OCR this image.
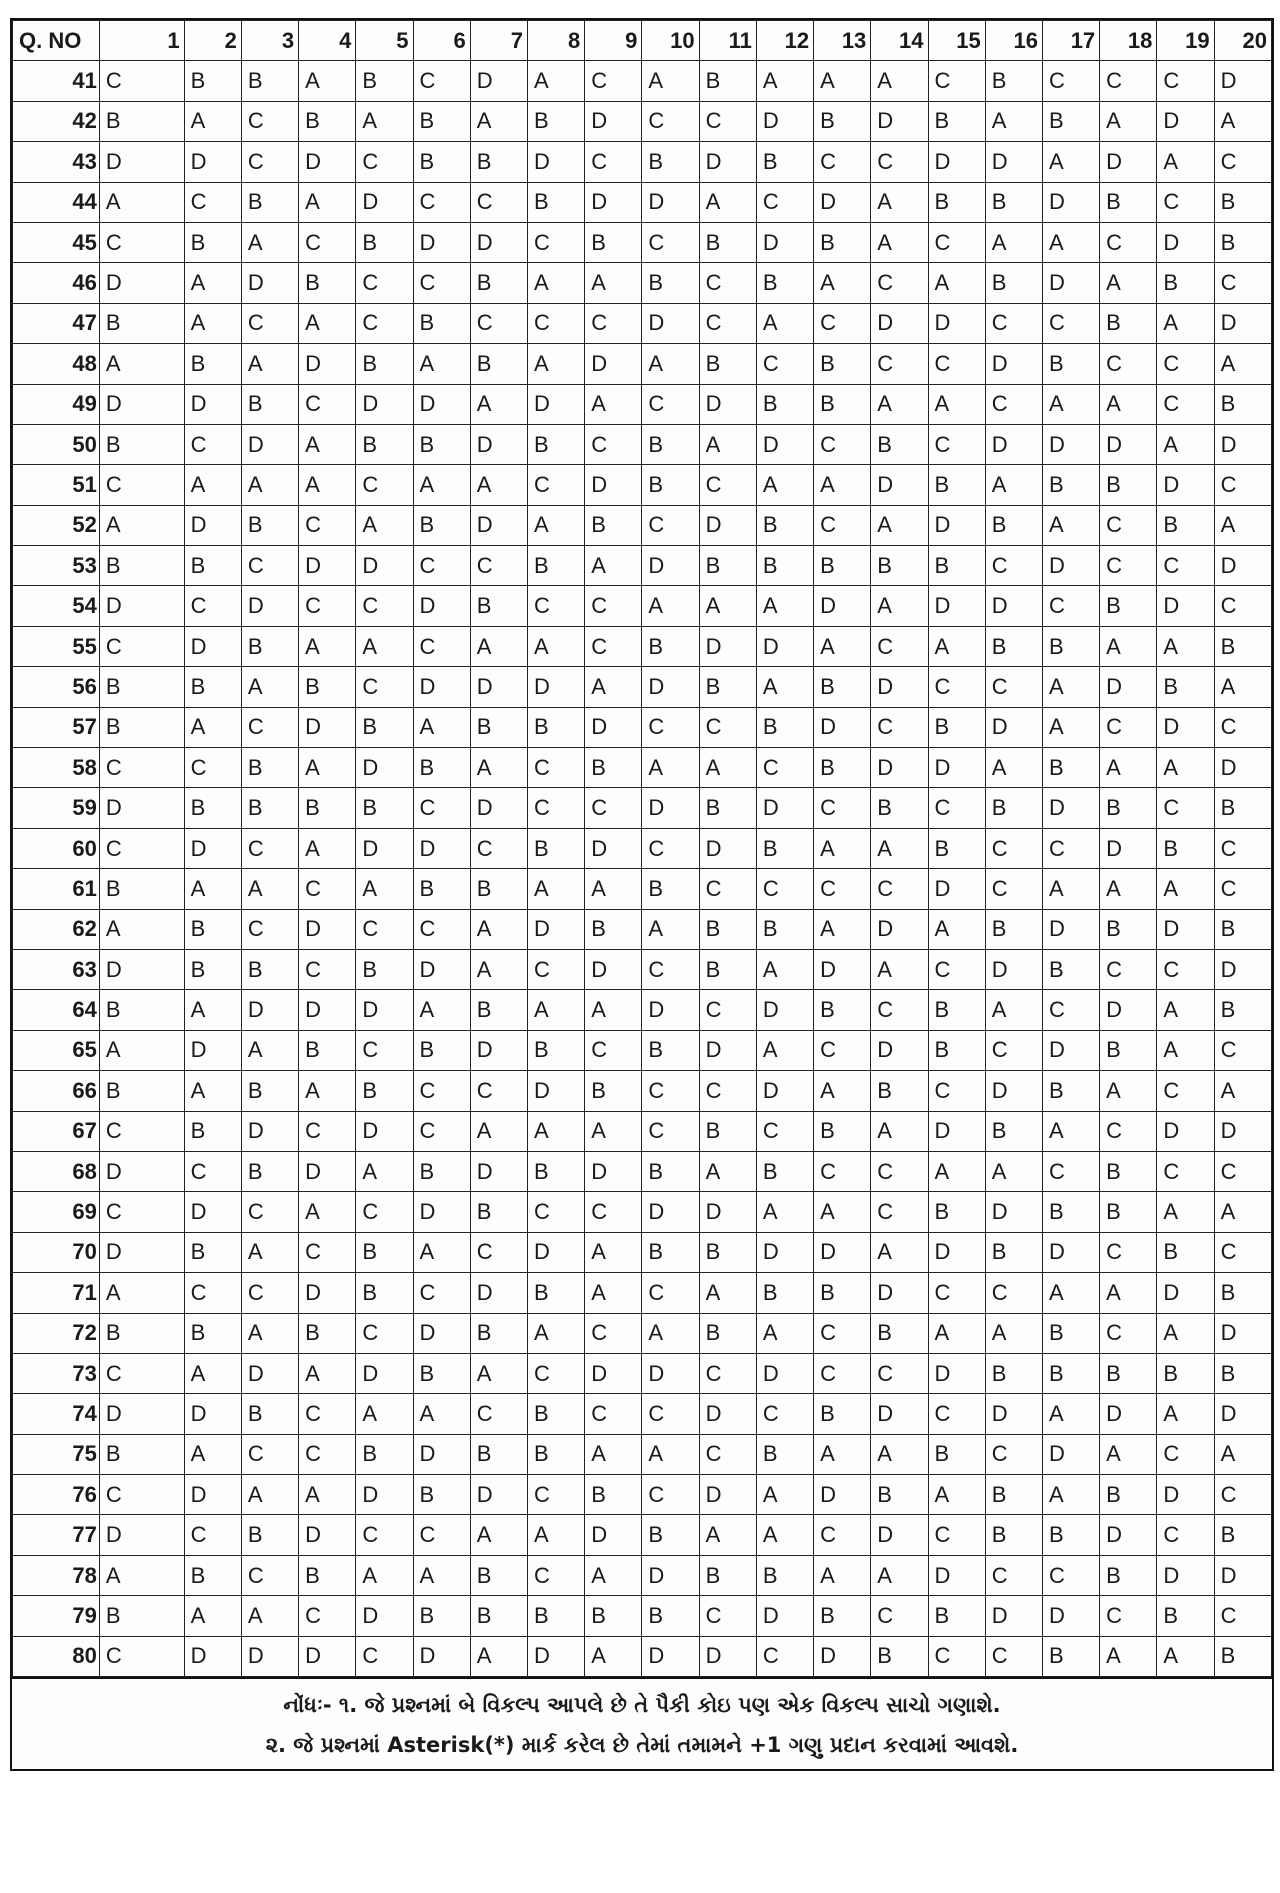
Q. NO	1	2	3	4	5	6	7	8	9	10	11	12	13	14	15	16	17	18	19	20
41	C	B	B	A	B	C	D	A	C	A	B	A	A	A	C	B	C	C	C	D
42	B	A	C	B	A	B	A	B	D	C	C	D	B	D	B	A	B	A	D	A
43	D	D	C	D	C	B	B	D	C	B	D	B	C	C	D	D	A	D	A	C
44	A	C	B	A	D	C	C	B	D	D	A	C	D	A	B	B	D	B	C	B
45	C	B	A	C	B	D	D	C	B	C	B	D	B	A	C	A	A	C	D	B
46	D	A	D	B	C	C	B	A	A	B	C	B	A	C	A	B	D	A	B	C
47	B	A	C	A	C	B	C	C	C	D	C	A	C	D	D	C	C	B	A	D
48	A	B	A	D	B	A	B	A	D	A	B	C	B	C	C	D	B	C	C	A
49	D	D	B	C	D	D	A	D	A	C	D	B	B	A	A	C	A	A	C	B
50	B	C	D	A	B	B	D	B	C	B	A	D	C	B	C	D	D	D	A	D
51	C	A	A	A	C	A	A	C	D	B	C	A	A	D	B	A	B	B	D	C
52	A	D	B	C	A	B	D	A	B	C	D	B	C	A	D	B	A	C	B	A
53	B	B	C	D	D	C	C	B	A	D	B	B	B	B	B	C	D	C	C	D
54	D	C	D	C	C	D	B	C	C	A	A	A	D	A	D	D	C	B	D	C
55	C	D	B	A	A	C	A	A	C	B	D	D	A	C	A	B	B	A	A	B
56	B	B	A	B	C	D	D	D	A	D	B	A	B	D	C	C	A	D	B	A
57	B	A	C	D	B	A	B	B	D	C	C	B	D	C	B	D	A	C	D	C
58	C	C	B	A	D	B	A	C	B	A	A	C	B	D	D	A	B	A	A	D
59	D	B	B	B	B	C	D	C	C	D	B	D	C	B	C	B	D	B	C	B
60	C	D	C	A	D	D	C	B	D	C	D	B	A	A	B	C	C	D	B	C
61	B	A	A	C	A	B	B	A	A	B	C	C	C	C	D	C	A	A	A	C
62	A	B	C	D	C	C	A	D	B	A	B	B	A	D	A	B	D	B	D	B
63	D	B	B	C	B	D	A	C	D	C	B	A	D	A	C	D	B	C	C	D
64	B	A	D	D	D	A	B	A	A	D	C	D	B	C	B	A	C	D	A	B
65	A	D	A	B	C	B	D	B	C	B	D	A	C	D	B	C	D	B	A	C
66	B	A	B	A	B	C	C	D	B	C	C	D	A	B	C	D	B	A	C	A
67	C	B	D	C	D	C	A	A	A	C	B	C	B	A	D	B	A	C	D	D
68	D	C	B	D	A	B	D	B	D	B	A	B	C	C	A	A	C	B	C	C
69	C	D	C	A	C	D	B	C	C	D	D	A	A	C	B	D	B	B	A	A
70	D	B	A	C	B	A	C	D	A	B	B	D	D	A	D	B	D	C	B	C
71	A	C	C	D	B	C	D	B	A	C	A	B	B	D	C	C	A	A	D	B
72	B	B	A	B	C	D	B	A	C	A	B	A	C	B	A	A	B	C	A	D
73	C	A	D	A	D	B	A	C	D	D	C	D	C	C	D	B	B	B	B	B
74	D	D	B	C	A	A	C	B	C	C	D	C	B	D	C	D	A	D	A	D
75	B	A	C	C	B	D	B	B	A	A	C	B	A	A	B	C	D	A	C	A
76	C	D	A	A	D	B	D	C	B	C	D	A	D	B	A	B	A	B	D	C
77	D	C	B	D	C	C	A	A	D	B	A	A	C	D	C	B	B	D	C	B
78	A	B	C	B	A	A	B	C	A	D	B	B	A	A	D	C	C	B	D	D
79	B	A	A	C	D	B	B	B	B	B	C	D	B	C	B	D	D	C	B	C
80	C	D	D	D	C	D	A	D	A	D	D	C	D	B	C	C	B	A	A	B
નોંધઃ- ૧. જે પ્રશ્નમાં બે વિકલ્પ આપલે છે તે પૈકી કોઇ પણ એક વિકલ્પ સાચો ગણાશે.
૨. જે પ્રશ્નમાં Asterisk(*) માર્ક કરેલ છે તેમાં તમામને +1 ગણુ પ્રદાન કરવામાં આવશે.
